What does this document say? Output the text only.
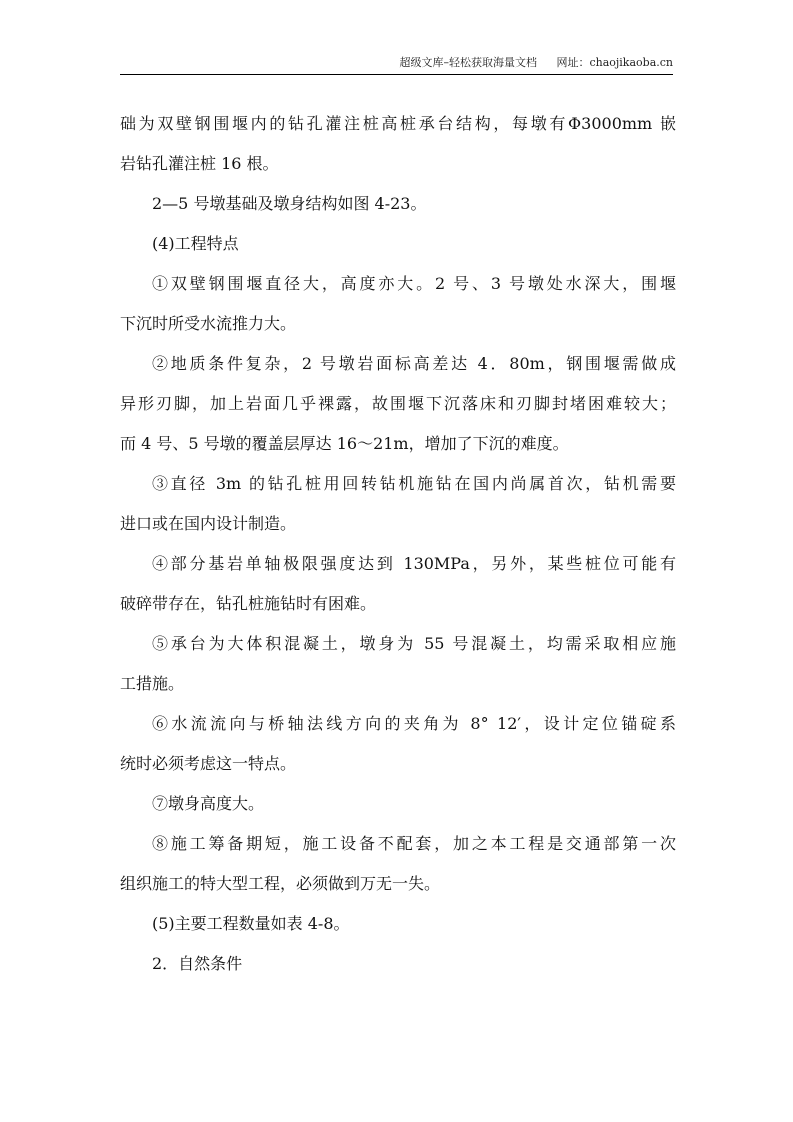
超级文库–轻松获取海量文档 网址：chaojikaoba.cn
础为双壁钢围堰内的钻孔灌注桩高桩承台结构，每墩有Φ3000mm 嵌
岩钻孔灌注桩 16 根。
2—5 号墩基础及墩身结构如图 4-23。
(4)工程特点
①双壁钢围堰直径大，高度亦大。2 号、3 号墩处水深大，围堰
下沉时所受水流推力大。
②地质条件复杂，2 号墩岩面标高差达 4．80m，钢围堰需做成
异形刃脚，加上岩面几乎裸露，故围堰下沉落床和刃脚封堵困难较大；
而 4 号、5 号墩的覆盖层厚达 16～21m，增加了下沉的难度。
③直径 3m 的钻孔桩用回转钻机施钻在国内尚属首次，钻机需要
进口或在国内设计制造。
④部分基岩单轴极限强度达到 130MPa，另外，某些桩位可能有
破碎带存在，钻孔桩施钻时有困难。
⑤承台为大体积混凝土，墩身为 55 号混凝土，均需采取相应施
工措施。
⑥水流流向与桥轴法线方向的夹角为 8° 12′，设计定位锚碇系
统时必须考虑这一特点。
⑦墩身高度大。
⑧施工筹备期短，施工设备不配套，加之本工程是交通部第一次
组织施工的特大型工程，必须做到万无一失。
(5)主要工程数量如表 4-8。
2．自然条件
